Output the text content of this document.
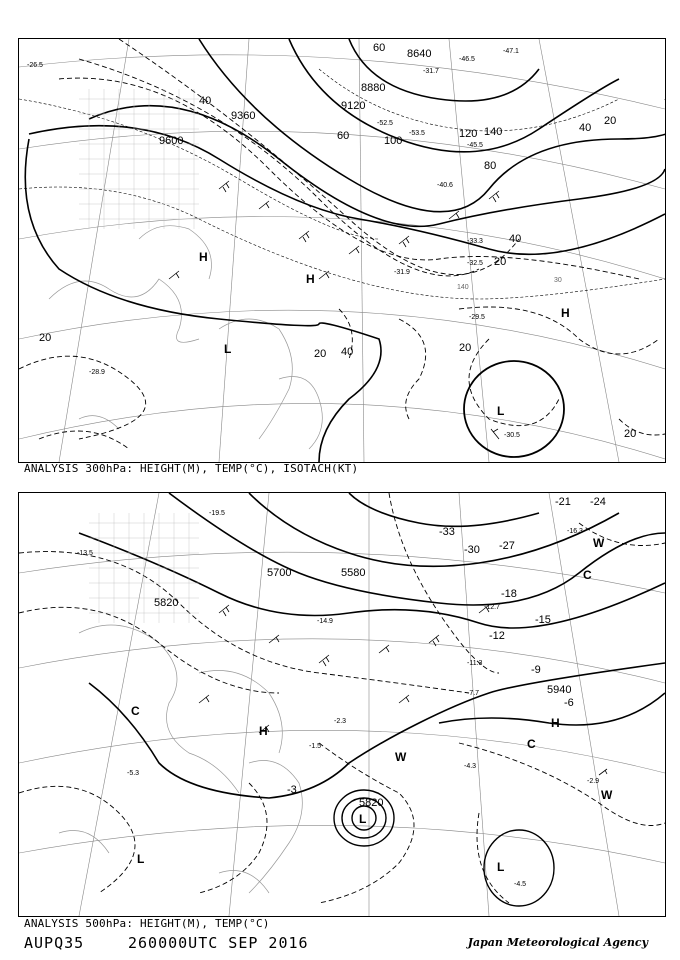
9600
9360
9120
8880
8640
20
20	20
20
20
20
40
40
40
40
60
60
80
100
120 140
-26.5
-28.9
-29.5
-31.9
-33.3
-32.5
-30.5
-31.7
-40.6
-45.5
-46.5
-47.1
-52.5
-53.5
30
140
H
H
H
L
L
ANALYSIS 300hPa: HEIGHT(M), TEMP(°C), ISOTACH(KT)
5700
5820
5940
5580
5820
-3
-6
-9
-12
-15
-18
-21 -24
-27
-30
-33
-1.5
-2.3
-4.3
-4.5
-5.3
-7.7
-11.3
-12.7
-13.5
-14.9
-16.3
-19.5
-2.9
H
H
L
L
L
C
C
W
W
W
C
ANALYSIS 500hPa: HEIGHT(M), TEMP(°C)
AUPQ35	260000UTC SEP 2016	Japan Meteorological Agency
